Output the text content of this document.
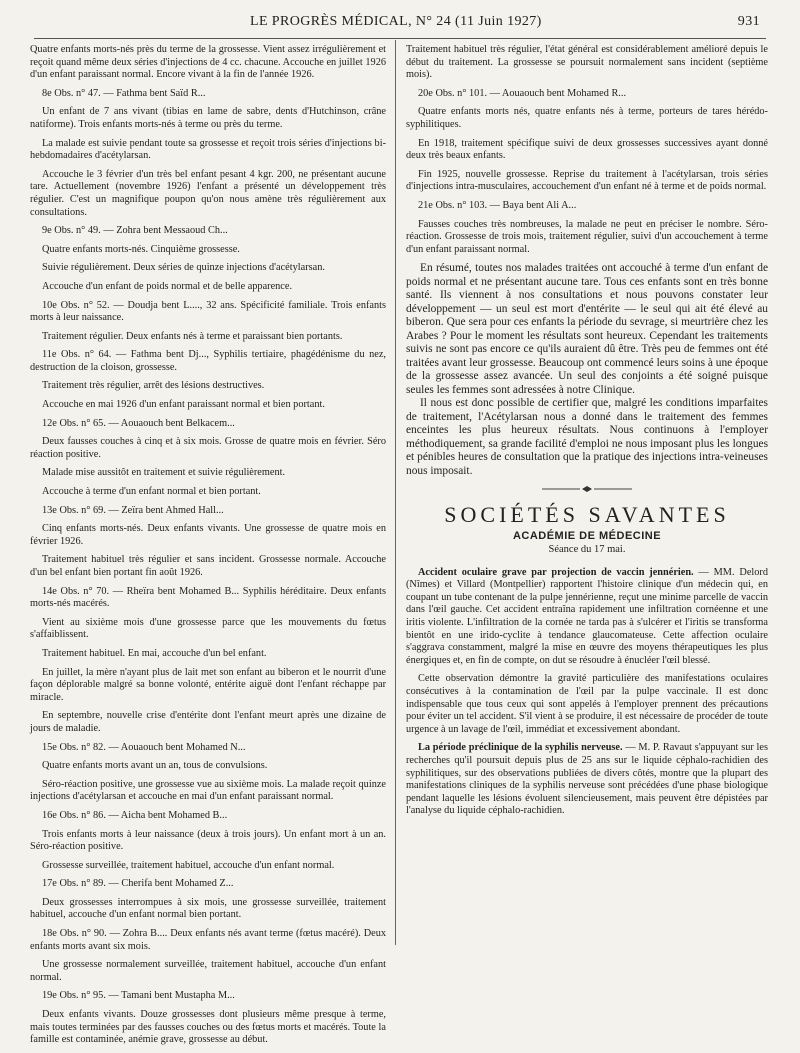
LE PROGRÈS MÉDICAL, N° 24 (11 Juin 1927)	931

Quatre enfants morts-nés près du terme de la grossesse. Vient assez irrégulièrement et reçoit quand même deux séries d'injections de 4 cc. chacune. Accouche en juillet 1926 d'un enfant paraissant normal. Encore vivant à la fin de l'année 1926.

8e Obs. n° 47. — Fathma bent Saïd R...

Un enfant de 7 ans vivant (tibias en lame de sabre, dents d'Hutchinson, crâne natiforme). Trois enfants morts-nés à terme ou près du terme.

La malade est suivie pendant toute sa grossesse et reçoit trois séries d'injections bi-hebdomadaires d'acétylarsan.

Accouche le 3 février d'un très bel enfant pesant 4 kgr. 200, ne présentant aucune tare. Actuellement (novembre 1926) l'enfant a présenté un développement très régulier. C'est un magnifique poupon qu'on nous amène très régulièrement aux consultations.

9e Obs. n° 49. — Zohra bent Messaoud Ch...

Quatre enfants morts-nés. Cinquième grossesse.

Suivie régulièrement. Deux séries de quinze injections d'acétylarsan.

Accouche d'un enfant de poids normal et de belle apparence.

10e Obs. n° 52. — Doudja bent L...., 32 ans. Spécificité familiale. Trois enfants morts à leur naissance.

Traitement régulier. Deux enfants nés à terme et paraissant bien portants.

11e Obs. n° 64. — Fathma bent Dj..., Syphilis tertiaire, phagédénisme du nez, destruction de la cloison, grossesse.

Traitement très régulier, arrêt des lésions destructives.

Accouche en mai 1926 d'un enfant paraissant normal et bien portant.

12e Obs. n° 65. — Aouaouch bent Belkacem...

Deux fausses couches à cinq et à six mois. Grosse de quatre mois en février. Séro réaction positive.

Malade mise aussitôt en traitement et suivie régulièrement.

Accouche à terme d'un enfant normal et bien portant.

13e Obs. n° 69. — Zeïra bent Ahmed Hall...

Cinq enfants morts-nés. Deux enfants vivants. Une grossesse de quatre mois en février 1926.

Traitement habituel très régulier et sans incident. Grossesse normale. Accouche d'un bel enfant bien portant fin août 1926.

14e Obs. n° 70. — Rheïra bent Mohamed B... Syphilis héréditaire. Deux enfants morts-nés macérés.

Vient au sixième mois d'une grossesse parce que les mouvements du fœtus s'affaiblissent.

Traitement habituel. En mai, accouche d'un bel enfant.

En juillet, la mère n'ayant plus de lait met son enfant au biberon et le nourrit d'une façon déplorable malgré sa bonne volonté, entérite aiguë dont l'enfant réchappe par miracle.

En septembre, nouvelle crise d'entérite dont l'enfant meurt après une dizaine de jours de maladie.

15e Obs. n° 82. — Aouaouch bent Mohamed N...

Quatre enfants morts avant un an, tous de convulsions.

Séro-réaction positive, une grossesse vue au sixième mois. La malade reçoit quinze injections d'acétylarsan et accouche en mai d'un enfant paraissant normal.

16e Obs. n° 86. — Aicha bent Mohamed B...

Trois enfants morts à leur naissance (deux à trois jours). Un enfant mort à un an. Séro-réaction positive.

Grossesse surveillée, traitement habituel, accouche d'un enfant normal.

17e Obs. n° 89. — Cherifa bent Mohamed Z...

Deux grossesses interrompues à six mois, une grossesse surveillée, traitement habituel, accouche d'un enfant normal bien portant.

18e Obs. n° 90. — Zohra B.... Deux enfants nés avant terme (fœtus macéré). Deux enfants morts avant six mois.

Une grossesse normalement surveillée, traitement habituel, accouche d'un enfant normal.

19e Obs. n° 95. — Tamani bent Mustapha M...

Deux enfants vivants. Douze grossesses dont plusieurs même presque à terme, mais toutes terminées par des fausses couches ou des fœtus morts et macérés. Toute la famille est contaminée, anémie grave, grossesse au début.

Traitement habituel très régulier, l'état général est considérablement amélioré depuis le début du traitement. La grossesse se poursuit normalement sans incident (septième mois).

20e Obs. n° 101. — Aouaouch bent Mohamed R...

Quatre enfants morts nés, quatre enfants nés à terme, porteurs de tares hérédo-syphilitiques.

En 1918, traitement spécifique suivi de deux grossesses successives ayant donné deux très beaux enfants.

Fin 1925, nouvelle grossesse. Reprise du traitement à l'acétylarsan, trois séries d'injections intra-musculaires, accouchement d'un enfant né à terme et de poids normal.

21e Obs. n° 103. — Baya bent Ali A...

Fausses couches très nombreuses, la malade ne peut en préciser le nombre. Séro-réaction. Grossesse de trois mois, traitement régulier, suivi d'un accouchement à terme d'un enfant paraissant normal.

En résumé, toutes nos malades traitées ont accouché à terme d'un enfant de poids normal et ne présentant aucune tare. Tous ces enfants sont en très bonne santé. Ils viennent à nos consultations et nous pouvons constater leur développement — un seul est mort d'entérite — le seul qui ait été élevé au biberon. Que sera pour ces enfants la période du sevrage, si meurtrière chez les Arabes ? Pour le moment les résultats sont heureux. Cependant les traitements suivis ne sont pas encore ce qu'ils auraient dû être. Très peu de femmes ont été traitées avant leur grossesse. Beaucoup ont commencé leurs soins à une époque de la grossesse assez avancée. Un seul des conjoints a été soigné puisque seules les femmes sont adressées à notre Clinique.

Il nous est donc possible de certifier que, malgré les conditions imparfaites de traitement, l'Acétylarsan nous a donné dans le traitement des femmes enceintes les plus heureux résultats. Nous continuons à l'employer méthodiquement, sa grande facilité d'emploi ne nous imposant plus les longues et pénibles heures de consultation que la pratique des injections intra-veineuses nous imposait.

SOCIÉTÉS SAVANTES
ACADÉMIE DE MÉDECINE
Séance du 17 mai.

Accident oculaire grave par projection de vaccin jennérien. — MM. Delord (Nîmes) et Villard (Montpellier) rapportent l'histoire clinique d'un médecin qui, en coupant un tube contenant de la pulpe jennérienne, reçut une minime parcelle de vaccin dans l'œil gauche. Cet accident entraîna rapidement une infiltration cornéenne et une iritis violente. L'infiltration de la cornée ne tarda pas à s'ulcérer et l'iritis se transforma bientôt en une irido-cyclite à tendance glaucomateuse. Cette affection oculaire s'aggrava constamment, malgré la mise en œuvre des moyens thérapeutiques les plus énergiques et, en fin de compte, on dut se résoudre à énucléer l'œil blessé.

Cette observation démontre la gravité particulière des manifestations oculaires consécutives à la contamination de l'œil par la pulpe vaccinale. Il est donc indispensable que tous ceux qui sont appelés à l'employer prennent des précautions pour éviter un tel accident. S'il vient à se produire, il est nécessaire de procéder de toute urgence à un lavage de l'œil, immédiat et excessivement abondant.

La période préclinique de la syphilis nerveuse. — M. P. Ravaut s'appuyant sur les recherches qu'il poursuit depuis plus de 25 ans sur le liquide céphalo-rachidien des syphilitiques, sur des observations publiées de divers côtés, montre que la plupart des manifestations cliniques de la syphilis nerveuse sont précédées d'une phase biologique pendant laquelle les lésions évoluent silencieusement, mais peuvent être dépistées par l'analyse du liquide céphalo-rachidien.
